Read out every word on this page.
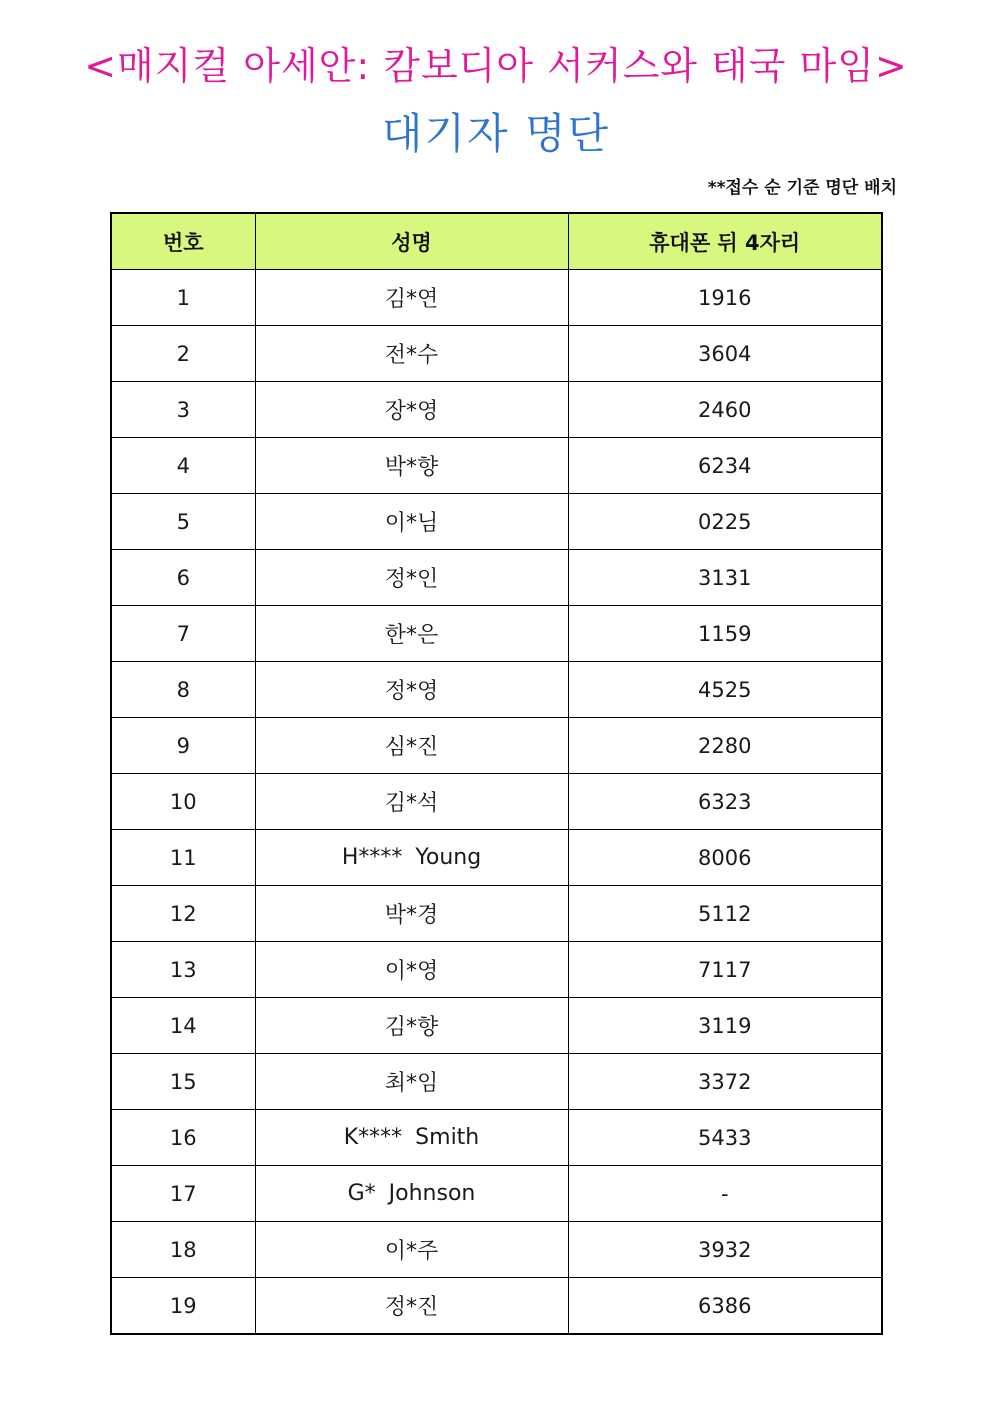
<매지컬 아세안: 캄보디아 서커스와 태국 마임>
대기자 명단
**접수 순 기준 명단 배치
번호	성명	휴대폰 뒤 4자리
1	김*연	1916
2	전*수	3604
3	장*영	2460
4	박*향	6234
5	이*님	0225
6	정*인	3131
7	한*은	1159
8	정*영	4525
9	심*진	2280
10	김*석	6323
11	H**** Young	8006
12	박*경	5112
13	이*영	7117
14	김*향	3119
15	최*임	3372
16	K**** Smith	5433
17	G* Johnson	-
18	이*주	3932
19	정*진	6386
